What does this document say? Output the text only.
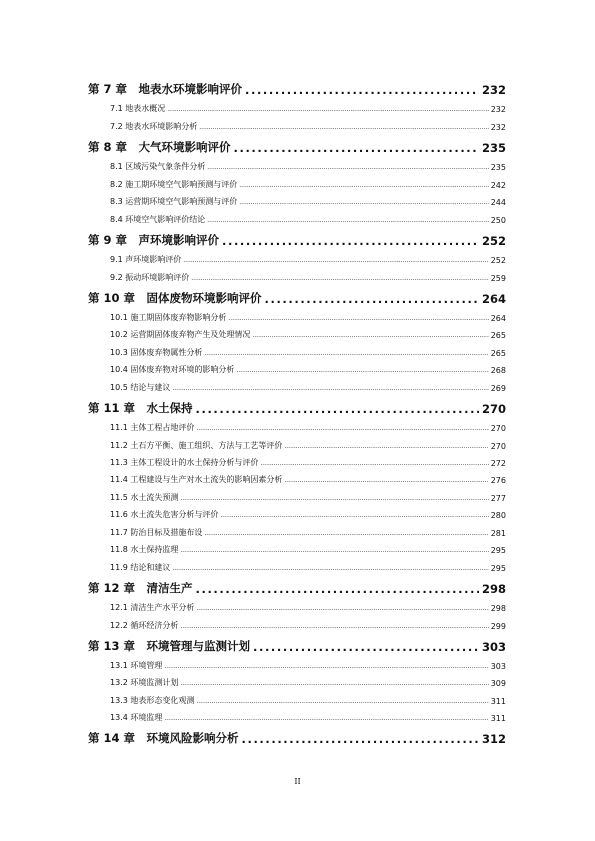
第 7 章　地表水环境影响评价 .....	232
7.1 地表水概况 .....	232
7.2 地表水环境影响分析 .....	232
第 8 章　大气环境影响评价 .....	235
8.1 区域污染气象条件分析 .....	235
8.2 施工期环境空气影响预测与评价 .....	242
8.3 运营期环境空气影响预测与评价 .....	244
8.4 环境空气影响评价结论 .....	250
第 9 章　声环境影响评价 .....	252
9.1 声环境影响评价 .....	252
9.2 振动环境影响评价 .....	259
第 10 章　固体废物环境影响评价 .....	264
10.1 施工期固体废弃物影响分析 .....	264
10.2 运营期固体废弃物产生及处理情况 .....	265
10.3 固体废弃物属性分析 .....	265
10.4 固体废弃物对环境的影响分析 .....	268
10.5 结论与建议 .....	269
第 11 章　水土保持 .....	270
11.1 主体工程占地评价 .....	270
11.2 土石方平衡、施工组织、方法与工艺等评价 .....	270
11.3 主体工程设计的水土保持分析与评价 .....	272
11.4 工程建设与生产对水土流失的影响因素分析 .....	276
11.5 水土流失预测 .....	277
11.6 水土流失危害分析与评价 .....	280
11.7 防治目标及措施布设 .....	281
11.8 水土保持监理 .....	295
11.9 结论和建议 .....	295
第 12 章　清洁生产 .....	298
12.1 清洁生产水平分析 .....	298
12.2 循环经济分析 .....	299
第 13 章　环境管理与监测计划 .....	303
13.1 环境管理 .....	303
13.2 环境监测计划 .....	309
13.3 地表形态变化观测 .....	311
13.4 环境监理 .....	311
第 14 章　环境风险影响分析 .....	312
II
